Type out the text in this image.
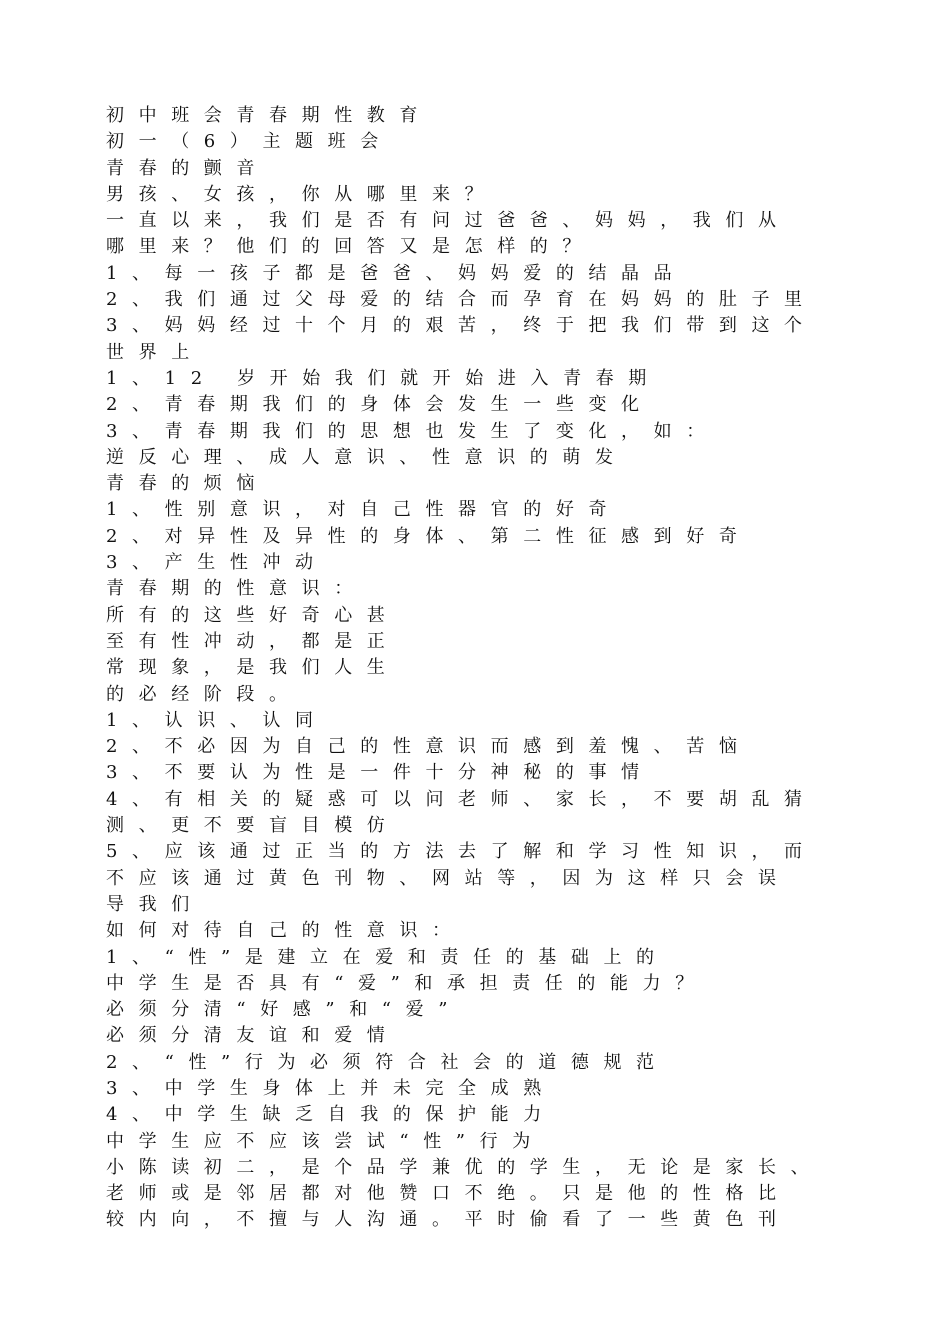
初中班会青春期性教育
初一（6）主题班会
青春的颤音
男孩、女孩，你从哪里来？
一直以来，我们是否有问过爸爸、妈妈，我们从
哪里来？他们的回答又是怎样的？
1、每一孩子都是爸爸、妈妈爱的结晶品
2、我们通过父母爱的结合而孕育在妈妈的肚子里
3、妈妈经过十个月的艰苦，终于把我们带到这个
世界上
1、12 岁开始我们就开始进入青春期
2、青春期我们的身体会发生一些变化
3、青春期我们的思想也发生了变化，如：
逆反心理、成人意识、性意识的萌发
青春的烦恼
1、性别意识，对自己性器官的好奇
2、对异性及异性的身体、第二性征感到好奇
3、产生性冲动
青春期的性意识：
所有的这些好奇心甚
至有性冲动，都是正
常现象，是我们人生
的必经阶段。
1、认识、认同
2、不必因为自己的性意识而感到羞愧、苦恼
3、不要认为性是一件十分神秘的事情
4、有相关的疑惑可以问老师、家长，不要胡乱猜
测、更不要盲目模仿
5、应该通过正当的方法去了解和学习性知识，而
不应该通过黄色刊物、网站等，因为这样只会误
导我们
如何对待自己的性意识：
1、“性”是建立在爱和责任的基础上的
中学生是否具有“爱”和承担责任的能力？
必须分清“好感”和“爱”
必须分清友谊和爱情
2、“性”行为必须符合社会的道德规范
3、中学生身体上并未完全成熟
4、中学生缺乏自我的保护能力
中学生应不应该尝试“性”行为
小陈读初二，是个品学兼优的学生，无论是家长、
老师或是邻居都对他赞口不绝。只是他的性格比
较内向，不擅与人沟通。平时偷看了一些黄色刊
